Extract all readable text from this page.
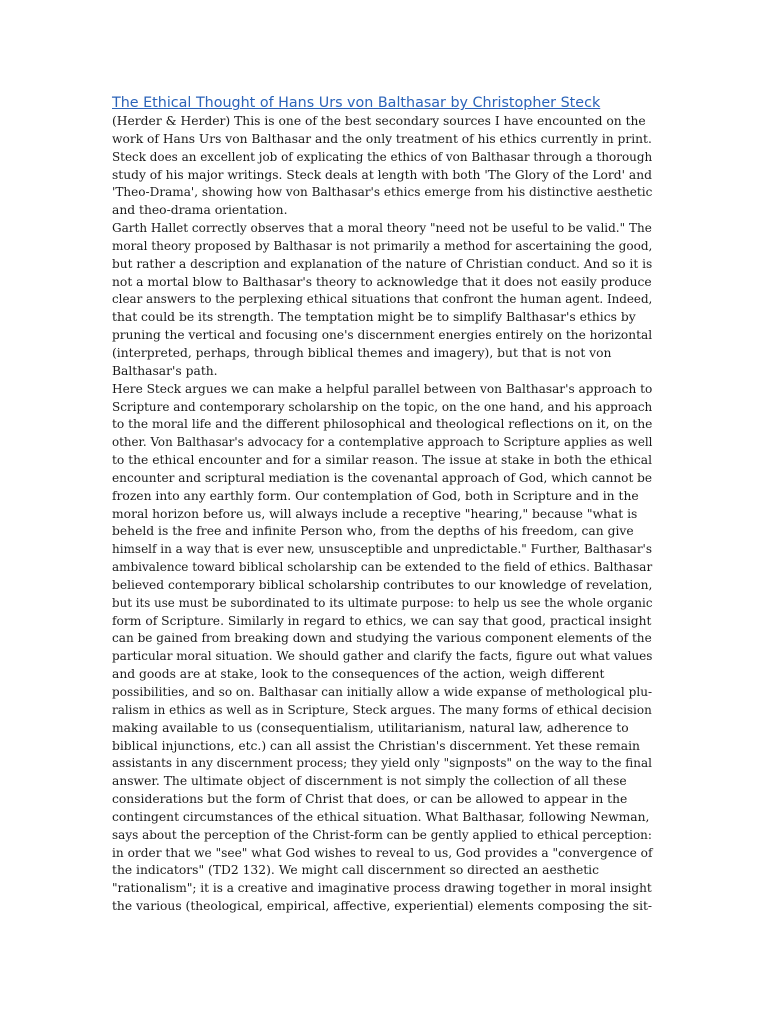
The Ethical Thought of Hans Urs von Balthasar by Christopher Steck

(Herder & Herder) This is one of the best secondary sources I have encounted on the
work of Hans Urs von Balthasar and the only treatment of his ethics currently in print.
Steck does an excellent job of explicating the ethics of von Balthasar through a thorough
study of his major writings. Steck deals at length with both 'The Glory of the Lord' and
'Theo-Drama', showing how von Balthasar's ethics emerge from his distinctive aesthetic
and theo-drama orientation.

Garth Hallet correctly observes that a moral theory "need not be useful to be valid." The
moral theory proposed by Balthasar is not primarily a method for ascertaining the good,
but rather a description and explanation of the nature of Christian conduct. And so it is
not a mortal blow to Balthasar's theory to acknowledge that it does not easily produce
clear answers to the perplexing ethical situations that confront the human agent. Indeed,
that could be its strength. The temptation might be to simplify Balthasar's ethics by
pruning the vertical and focusing one's discernment energies entirely on the horizontal
(interpreted, perhaps, through biblical themes and imagery), but that is not von
Balthasar's path.

Here Steck argues we can make a helpful parallel between von Balthasar's approach to
Scripture and contemporary scholarship on the topic, on the one hand, and his approach
to the moral life and the different philosophical and theological reflections on it, on the
other. Von Balthasar's advocacy for a contemplative approach to Scripture applies as well
to the ethical encounter and for a similar reason. The issue at stake in both the ethical
encounter and scriptural mediation is the covenantal approach of God, which cannot be
frozen into any earthly form. Our contemplation of God, both in Scripture and in the
moral horizon before us, will always include a receptive "hearing," because "what is
beheld is the free and infinite Person who, from the depths of his freedom, can give
himself in a way that is ever new, unsusceptible and unpredictable." Further, Balthasar's
ambivalence toward biblical scholarship can be extended to the field of ethics. Balthasar
believed contemporary biblical scholarship contributes to our knowledge of revelation,
but its use must be subordinated to its ultimate purpose: to help us see the whole organic
form of Scripture. Similarly in regard to ethics, we can say that good, practical insight
can be gained from breaking down and studying the various component elements of the
particular moral situation. We should gather and clarify the facts, figure out what values
and goods are at stake, look to the consequences of the action, weigh different
possibilities, and so on. Balthasar can initially allow a wide expanse of methological plu-
ralism in ethics as well as in Scripture, Steck argues. The many forms of ethical decision
making available to us (consequentialism, utilitarianism, natural law, adherence to
biblical injunctions, etc.) can all assist the Christian's discernment. Yet these remain
assistants in any discernment process; they yield only "signposts" on the way to the final
answer. The ultimate object of discernment is not simply the collection of all these
considerations but the form of Christ that does, or can be allowed to appear in the
contingent circumstances of the ethical situation. What Balthasar, following Newman,
says about the perception of the Christ-form can be gently applied to ethical perception:
in order that we "see" what God wishes to reveal to us, God provides a "convergence of
the indicators" (TD2 132). We might call discernment so directed an aesthetic
"rationalism"; it is a creative and imaginative process drawing together in moral insight
the various (theological, empirical, affective, experiential) elements composing the sit-
